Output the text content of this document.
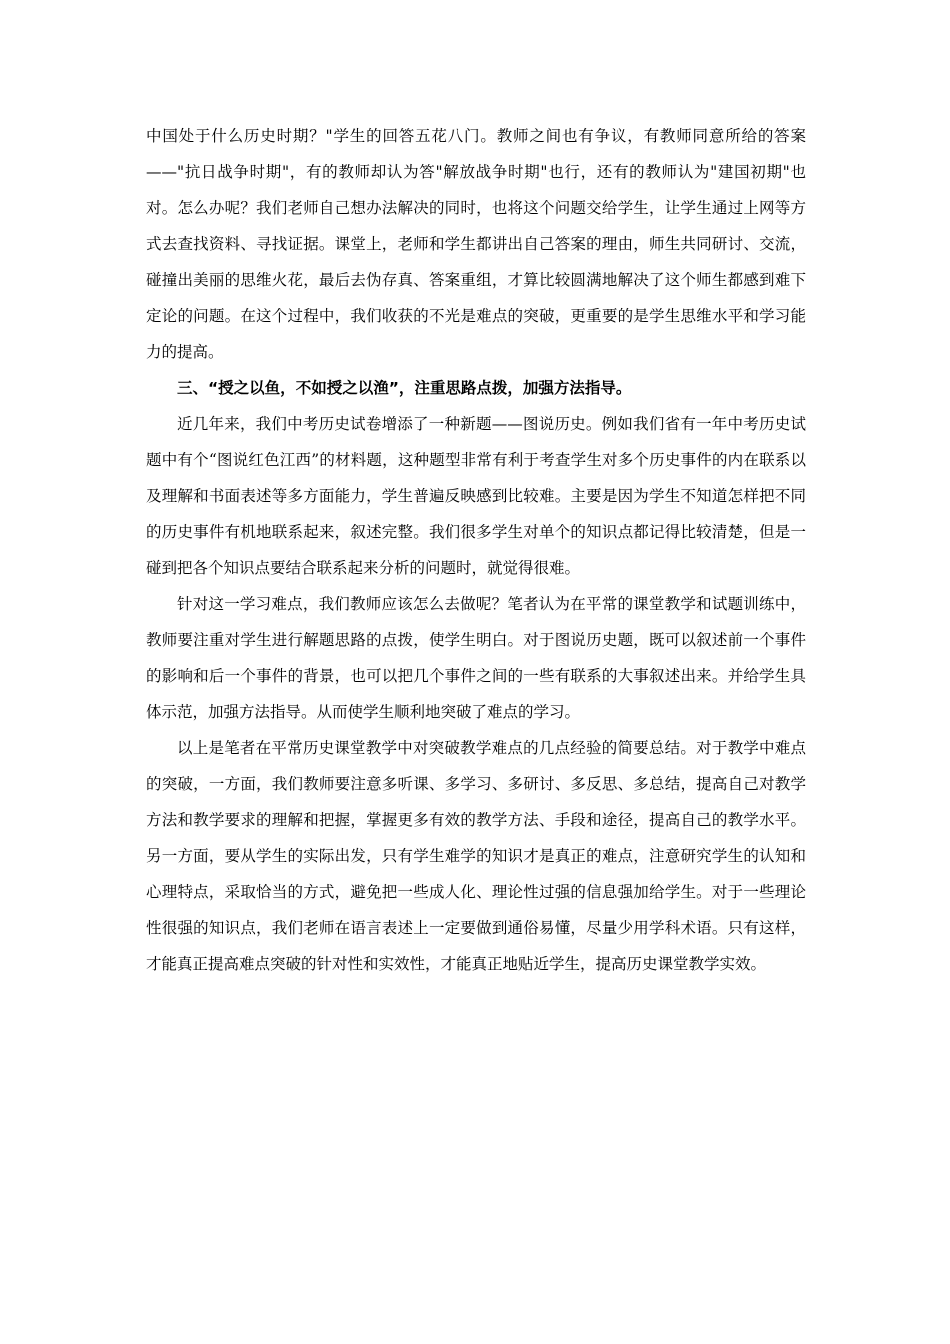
中国处于什么历史时期？"学生的回答五花八门。教师之间也有争议，有教师同意所给的答案——"抗日战争时期"，有的教师却认为答"解放战争时期"也行，还有的教师认为"建国初期"也对。怎么办呢？我们老师自己想办法解决的同时，也将这个问题交给学生，让学生通过上网等方式去查找资料、寻找证据。课堂上，老师和学生都讲出自己答案的理由，师生共同研讨、交流，碰撞出美丽的思维火花，最后去伪存真、答案重组，才算比较圆满地解决了这个师生都感到难下定论的问题。在这个过程中，我们收获的不光是难点的突破，更重要的是学生思维水平和学习能力的提高。

三、“授之以鱼，不如授之以渔”，注重思路点拨，加强方法指导。

近几年来，我们中考历史试卷增添了一种新题——图说历史。例如我们省有一年中考历史试题中有个“图说红色江西”的材料题，这种题型非常有利于考查学生对多个历史事件的内在联系以及理解和书面表述等多方面能力，学生普遍反映感到比较难。主要是因为学生不知道怎样把不同的历史事件有机地联系起来，叙述完整。我们很多学生对单个的知识点都记得比较清楚，但是一碰到把各个知识点要结合联系起来分析的问题时，就觉得很难。

针对这一学习难点，我们教师应该怎么去做呢？笔者认为在平常的课堂教学和试题训练中，教师要注重对学生进行解题思路的点拨，使学生明白。对于图说历史题，既可以叙述前一个事件的影响和后一个事件的背景，也可以把几个事件之间的一些有联系的大事叙述出来。并给学生具体示范，加强方法指导。从而使学生顺利地突破了难点的学习。

以上是笔者在平常历史课堂教学中对突破教学难点的几点经验的简要总结。对于教学中难点的突破，一方面，我们教师要注意多听课、多学习、多研讨、多反思、多总结，提高自己对教学方法和教学要求的理解和把握，掌握更多有效的教学方法、手段和途径，提高自己的教学水平。另一方面，要从学生的实际出发，只有学生难学的知识才是真正的难点，注意研究学生的认知和心理特点，采取恰当的方式，避免把一些成人化、理论性过强的信息强加给学生。对于一些理论性很强的知识点，我们老师在语言表述上一定要做到通俗易懂，尽量少用学科术语。只有这样，才能真正提高难点突破的针对性和实效性，才能真正地贴近学生，提高历史课堂教学实效。
